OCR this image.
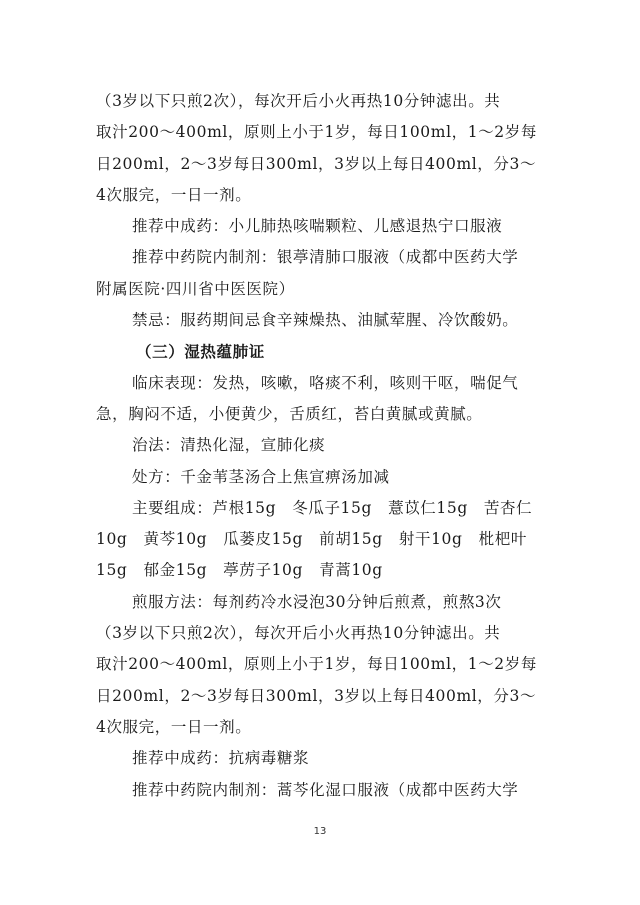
（3岁以下只煎2次），每次开后小火再热10分钟滤出。共
取汁200～400ml，原则上小于1岁，每日100ml，1～2岁每
日200ml，2～3岁每日300ml，3岁以上每日400ml，分3～
4次服完，一日一剂。
推荐中成药：小儿肺热咳喘颗粒、儿感退热宁口服液
推荐中药院内制剂：银葶清肺口服液（成都中医药大学
附属医院·四川省中医医院）
禁忌：服药期间忌食辛辣燥热、油腻荤腥、冷饮酸奶。
（三）湿热蕴肺证
临床表现：发热，咳嗽，咯痰不利，咳则干呕，喘促气
急，胸闷不适，小便黄少，舌质红，苔白黄腻或黄腻。
治法：清热化湿，宣肺化痰
处方：千金苇茎汤合上焦宣痹汤加减
主要组成：芦根15g　冬瓜子15g　薏苡仁15g　苦杏仁
10g　黄芩10g　瓜蒌皮15g　前胡15g　射干10g　枇杷叶
15g　郁金15g　葶苈子10g　青蒿10g
煎服方法：每剂药冷水浸泡30分钟后煎煮，煎熬3次
（3岁以下只煎2次），每次开后小火再热10分钟滤出。共
取汁200～400ml，原则上小于1岁，每日100ml，1～2岁每
日200ml，2～3岁每日300ml，3岁以上每日400ml，分3～
4次服完，一日一剂。
推荐中成药：抗病毒糖浆
推荐中药院内制剂：蒿芩化湿口服液（成都中医药大学
13
